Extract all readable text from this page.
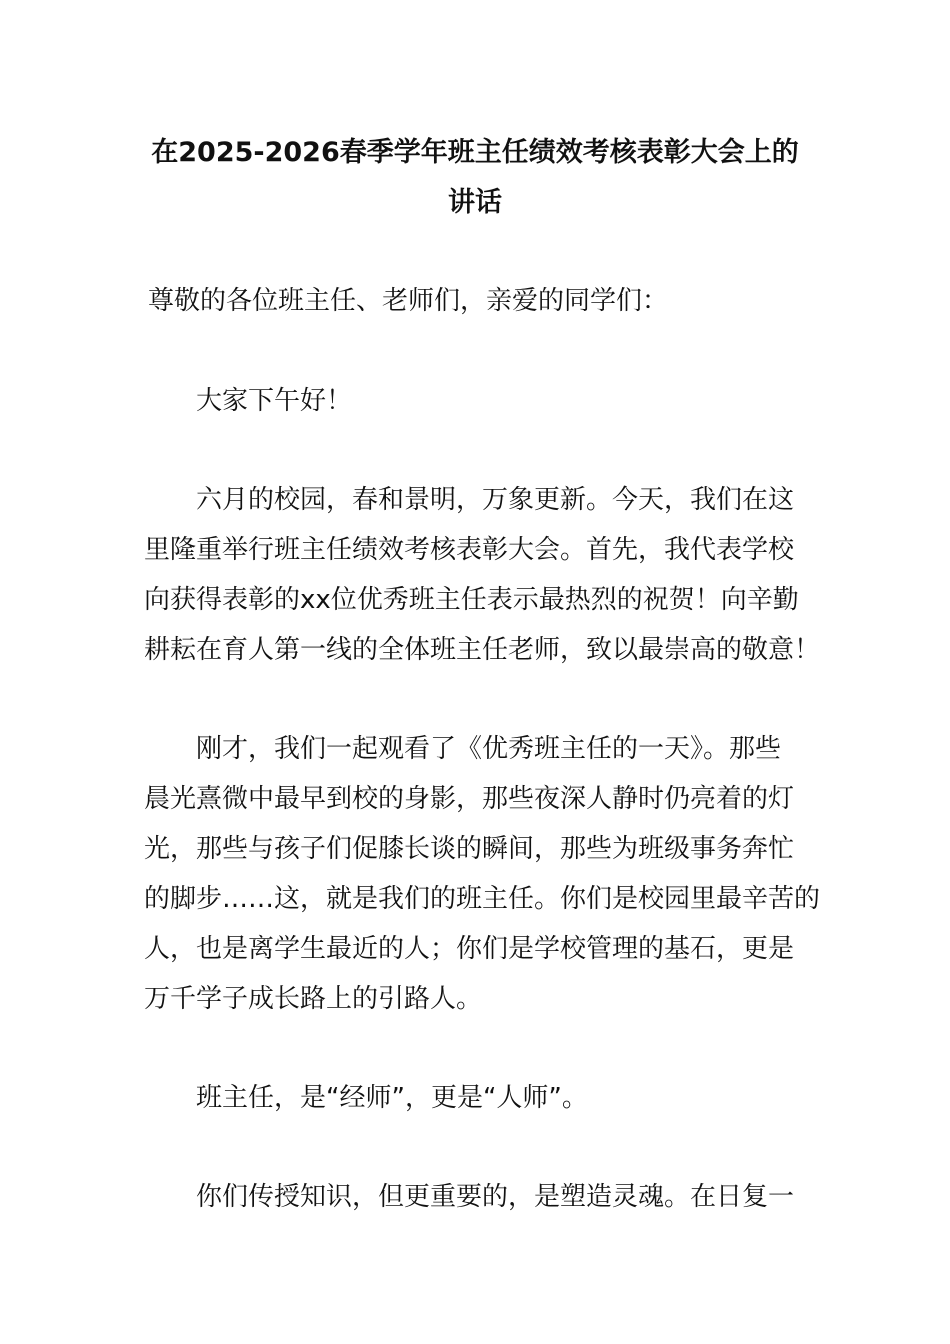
在2025-2026春季学年班主任绩效考核表彰大会上的
讲话
尊敬的各位班主任、老师们，亲爱的同学们：
大家下午好！
六月的校园，春和景明，万象更新。今天，我们在这
里隆重举行班主任绩效考核表彰大会。首先，我代表学校
向获得表彰的xx位优秀班主任表示最热烈的祝贺！向辛勤
耕耘在育人第一线的全体班主任老师，致以最崇高的敬意！
刚才，我们一起观看了《优秀班主任的一天》。那些
晨光熹微中最早到校的身影，那些夜深人静时仍亮着的灯
光，那些与孩子们促膝长谈的瞬间，那些为班级事务奔忙
的脚步……这，就是我们的班主任。你们是校园里最辛苦的
人，也是离学生最近的人；你们是学校管理的基石，更是
万千学子成长路上的引路人。
班主任，是“经师”，更是“人师”。
你们传授知识，但更重要的，是塑造灵魂。在日复一
